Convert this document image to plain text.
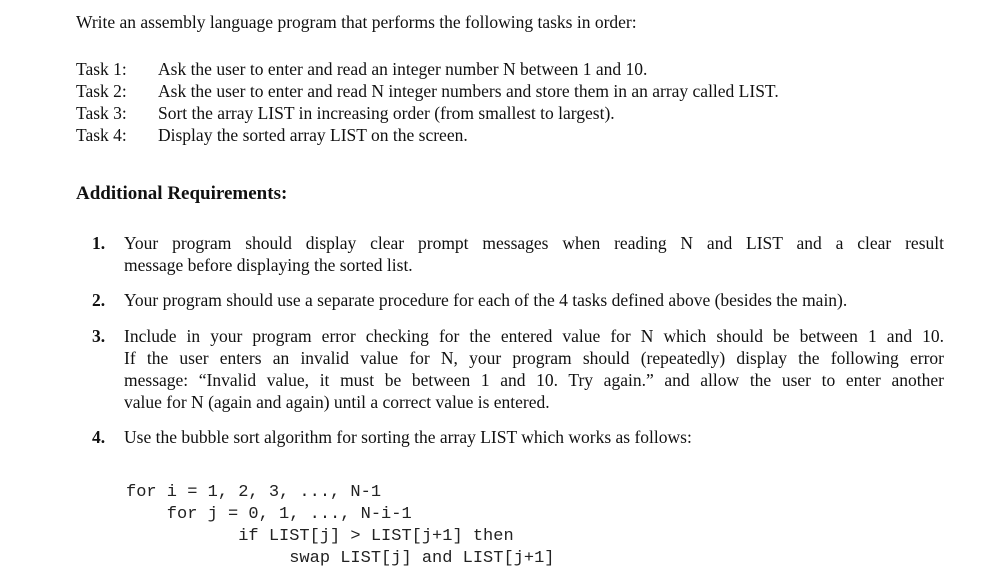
Write an assembly language program that performs the following tasks in order:
Task 1:	Ask the user to enter and read an integer number N between 1 and 10.
Task 2:	Ask the user to enter and read N integer numbers and store them in an array called LIST.
Task 3:	Sort the array LIST in increasing order (from smallest to largest).
Task 4:	Display the sorted array LIST on the screen.
Additional Requirements:
1.	Your program should display clear prompt messages when reading N and LIST and a clear result
message before displaying the sorted list.
2.	Your program should use a separate procedure for each of the 4 tasks defined above (besides the main).
3.	Include in your program error checking for the entered value for N which should be between 1 and 10.
If the user enters an invalid value for N, your program should (repeatedly) display the following error
message: “Invalid value, it must be between 1 and 10. Try again.” and allow the user to enter another
value for N (again and again) until a correct value is entered.
4.	Use the bubble sort algorithm for sorting the array LIST which works as follows:
for i = 1, 2, 3, ..., N-1
for j = 0, 1, ..., N-i-1
if LIST[j] > LIST[j+1] then
swap LIST[j] and LIST[j+1]
